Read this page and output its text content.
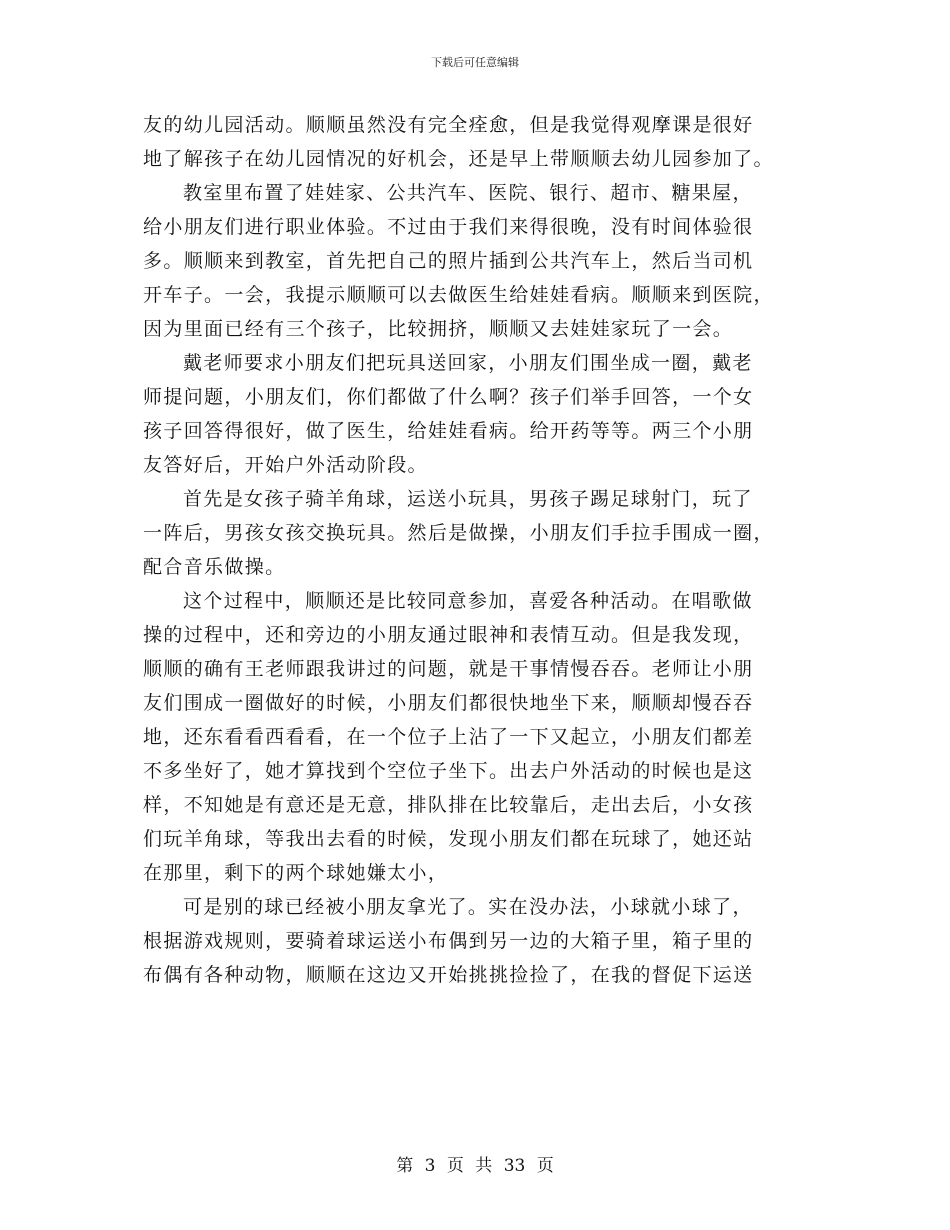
下载后可任意编辑
友的幼儿园活动。顺顺虽然没有完全痊愈，但是我觉得观摩课是很好
地了解孩子在幼儿园情况的好机会，还是早上带顺顺去幼儿园参加了。
教室里布置了娃娃家、公共汽车、医院、银行、超市、糖果屋，
给小朋友们进行职业体验。不过由于我们来得很晚，没有时间体验很
多。顺顺来到教室，首先把自己的照片插到公共汽车上，然后当司机
开车子。一会，我提示顺顺可以去做医生给娃娃看病。顺顺来到医院，
因为里面已经有三个孩子，比较拥挤，顺顺又去娃娃家玩了一会。
戴老师要求小朋友们把玩具送回家，小朋友们围坐成一圈，戴老
师提问题，小朋友们，你们都做了什么啊？孩子们举手回答，一个女
孩子回答得很好，做了医生，给娃娃看病。给开药等等。两三个小朋
友答好后，开始户外活动阶段。
首先是女孩子骑羊角球，运送小玩具，男孩子踢足球射门，玩了
一阵后，男孩女孩交换玩具。然后是做操，小朋友们手拉手围成一圈，
配合音乐做操。
这个过程中，顺顺还是比较同意参加，喜爱各种活动。在唱歌做
操的过程中，还和旁边的小朋友通过眼神和表情互动。但是我发现，
顺顺的确有王老师跟我讲过的问题，就是干事情慢吞吞。老师让小朋
友们围成一圈做好的时候，小朋友们都很快地坐下来，顺顺却慢吞吞
地，还东看看西看看，在一个位子上沾了一下又起立，小朋友们都差
不多坐好了，她才算找到个空位子坐下。出去户外活动的时候也是这
样，不知她是有意还是无意，排队排在比较靠后，走出去后，小女孩
们玩羊角球，等我出去看的时候，发现小朋友们都在玩球了，她还站
在那里，剩下的两个球她嫌太小，
可是别的球已经被小朋友拿光了。实在没办法，小球就小球了，
根据游戏规则，要骑着球运送小布偶到另一边的大箱子里，箱子里的
布偶有各种动物，顺顺在这边又开始挑挑捡捡了，在我的督促下运送
第 3 页 共 33 页
